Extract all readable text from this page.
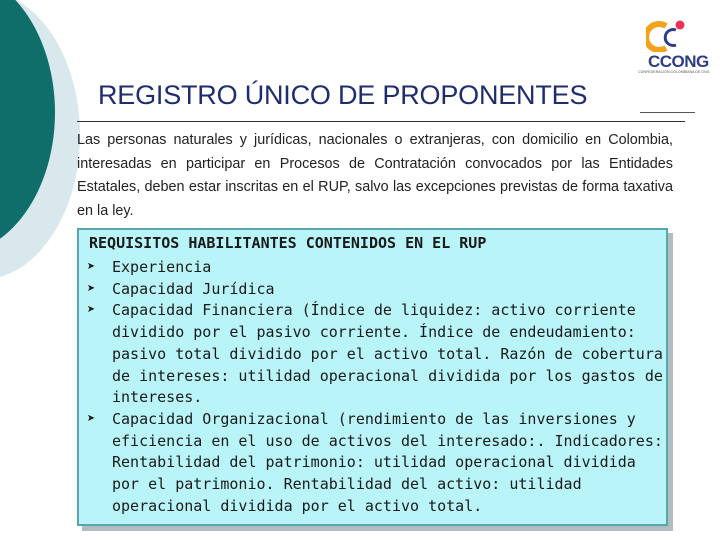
CCONG
CONFEDERACIÓN COLOMBIANA DE ONG
REGISTRO ÚNICO DE PROPONENTES

Las personas naturales y jurídicas, nacionales o extranjeras, con domicilio en Colombia, interesadas en participar en Procesos de Contratación convocados por las Entidades Estatales, deben estar inscritas en el RUP, salvo las excepciones previstas de forma taxativa en la ley.

REQUISITOS HABILITANTES CONTENIDOS EN EL RUP
➤	Experiencia
➤	Capacidad Jurídica
➤	Capacidad Financiera (Índice de liquidez: activo corriente dividido por el pasivo corriente. Índice de endeudamiento: pasivo total dividido por el activo total. Razón de cobertura de intereses: utilidad operacional dividida por los gastos de intereses.
➤	Capacidad Organizacional (rendimiento de las inversiones y eficiencia en el uso de activos del interesado:. Indicadores: Rentabilidad del patrimonio: utilidad operacional dividida por el patrimonio. Rentabilidad del activo: utilidad operacional dividida por el activo total.
